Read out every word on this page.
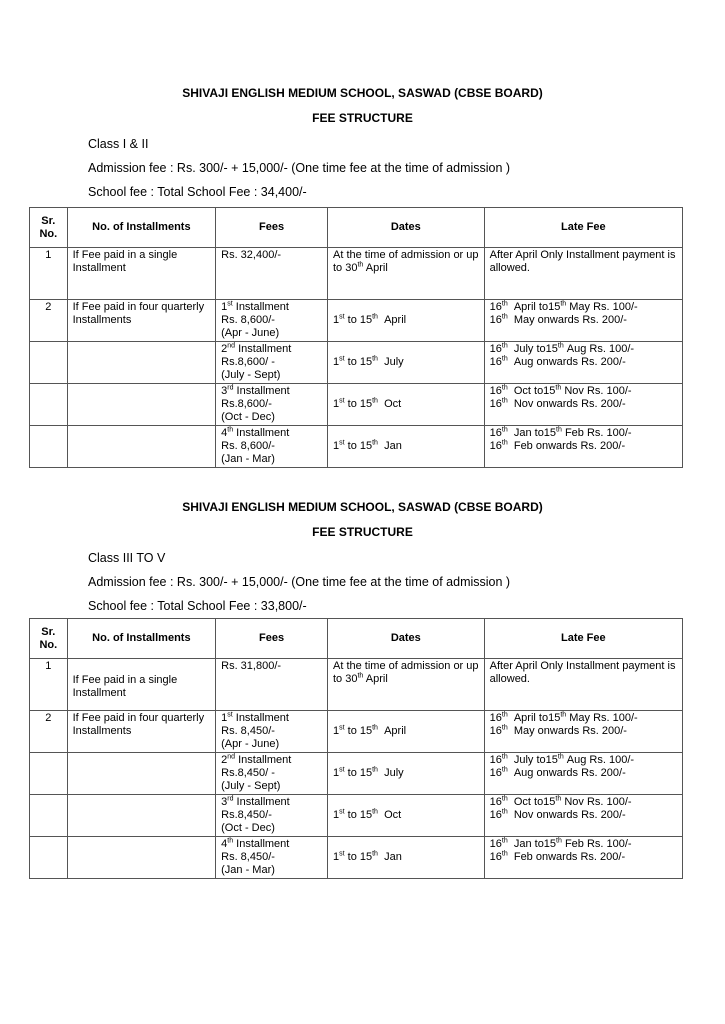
SHIVAJI ENGLISH MEDIUM SCHOOL, SASWAD (CBSE BOARD)
FEE STRUCTURE
Class I & II
Admission fee : Rs. 300/- + 15,000/- (One time fee at the time of admission )
School fee : Total School Fee : 34,400/-
Sr. No.	No. of Installments	Fees	Dates	Late Fee
1	If Fee paid in a single Installment	Rs. 32,400/-	At the time of admission or up to 30th April	After April Only Installment payment is allowed.
2	If Fee paid in four quarterly Installments	1st Installment
Rs. 8,600/-
(Apr - June)	1st to 15th April	16th April to15th May Rs. 100/-
16th May onwards Rs. 200/-
		2nd Installment
Rs.8,600/ -
(July - Sept)	1st to 15th July	16th July to15th Aug Rs. 100/-
16th Aug onwards Rs. 200/-
		3rd Installment
Rs.8,600/-
(Oct - Dec)	1st to 15th Oct	16th Oct to15th Nov Rs. 100/-
16th Nov onwards Rs. 200/-
		4th Installment
Rs. 8,600/-
(Jan - Mar)	1st to 15th Jan	16th Jan to15th Feb Rs. 100/-
16th Feb onwards Rs. 200/-
SHIVAJI ENGLISH MEDIUM SCHOOL, SASWAD (CBSE BOARD)
FEE STRUCTURE
Class III TO V
Admission fee : Rs. 300/- + 15,000/- (One time fee at the time of admission )
School fee : Total School Fee : 33,800/-
Sr. No.	No. of Installments	Fees	Dates	Late Fee
1	If Fee paid in a single Installment	Rs. 31,800/-	At the time of admission or up to 30th April	After April Only Installment payment is allowed.
2	If Fee paid in four quarterly Installments	1st Installment
Rs. 8,450/-
(Apr - June)	1st to 15th April	16th April to15th May Rs. 100/-
16th May onwards Rs. 200/-
		2nd Installment
Rs.8,450/ -
(July - Sept)	1st to 15th July	16th July to15th Aug Rs. 100/-
16th Aug onwards Rs. 200/-
		3rd Installment
Rs.8,450/-
(Oct - Dec)	1st to 15th Oct	16th Oct to15th Nov Rs. 100/-
16th Nov onwards Rs. 200/-
		4th Installment
Rs. 8,450/-
(Jan - Mar)	1st to 15th Jan	16th Jan to15th Feb Rs. 100/-
16th Feb onwards Rs. 200/-
